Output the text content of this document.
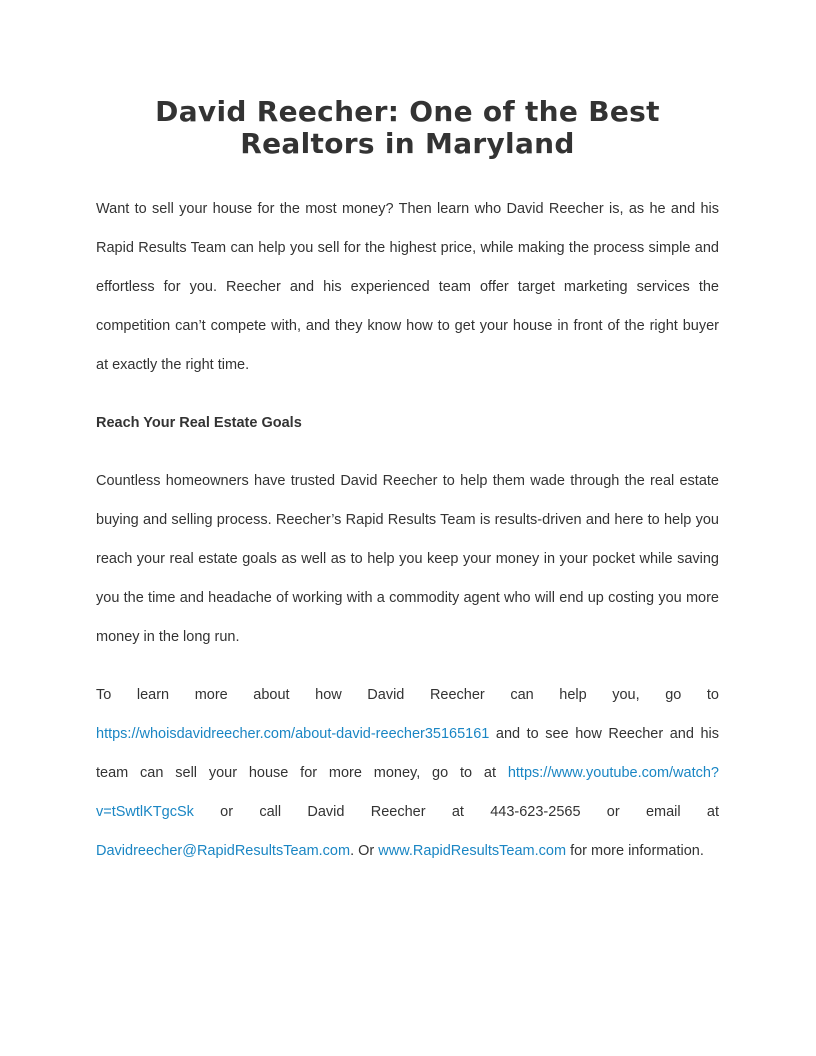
David Reecher: One of the Best Realtors in Maryland

Want to sell your house for the most money? Then learn who David Reecher is, as he and his Rapid Results Team can help you sell for the highest price, while making the process simple and effortless for you. Reecher and his experienced team offer target marketing services the competition can’t compete with, and they know how to get your house in front of the right buyer at exactly the right time.

Reach Your Real Estate Goals

Countless homeowners have trusted David Reecher to help them wade through the real estate buying and selling process. Reecher’s Rapid Results Team is results-driven and here to help you reach your real estate goals as well as to help you keep your money in your pocket while saving you the time and headache of working with a commodity agent who will end up costing you more money in the long run.

To learn more about how David Reecher can help you, go to https://whoisdavidreecher.com/about-david-reecher35165161 and to see how Reecher and his team can sell your house for more money, go to at https://www.youtube.com/watch?v=tSwtlKTgcSk or call David Reecher at 443-623-2565 or email at Davidreecher@RapidResultsTeam.com. Or www.RapidResultsTeam.com for more information.
